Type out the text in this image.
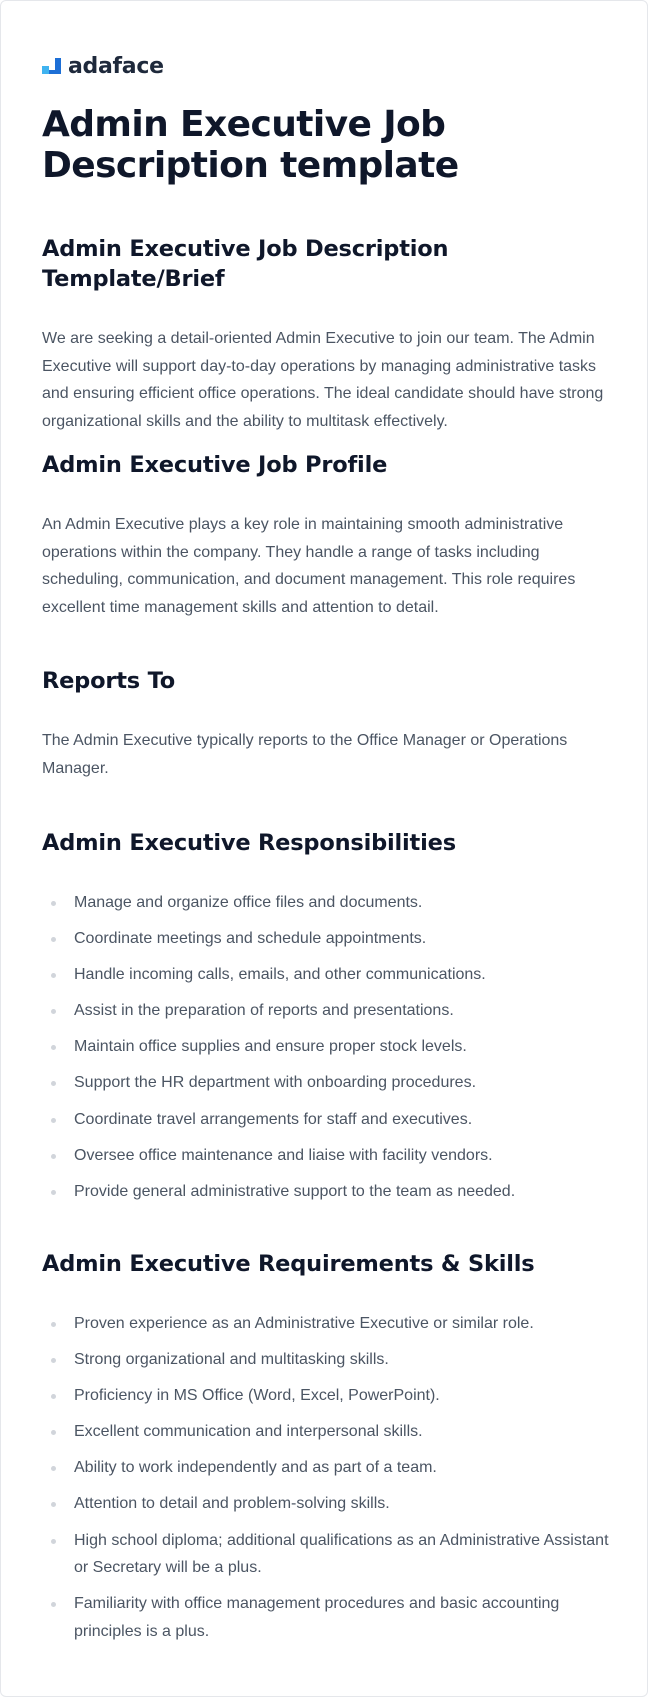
adaface
Admin Executive Job Description template
Admin Executive Job Description Template/Brief

We are seeking a detail-oriented Admin Executive to join our team. The Admin Executive will support day-to-day operations by managing administrative tasks and ensuring efficient office operations. The ideal candidate should have strong organizational skills and the ability to multitask effectively.

Admin Executive Job Profile

An Admin Executive plays a key role in maintaining smooth administrative operations within the company. They handle a range of tasks including scheduling, communication, and document management. This role requires excellent time management skills and attention to detail.

Reports To

The Admin Executive typically reports to the Office Manager or Operations Manager.

Admin Executive Responsibilities
Manage and organize office files and documents.
Coordinate meetings and schedule appointments.
Handle incoming calls, emails, and other communications.
Assist in the preparation of reports and presentations.
Maintain office supplies and ensure proper stock levels.
Support the HR department with onboarding procedures.
Coordinate travel arrangements for staff and executives.
Oversee office maintenance and liaise with facility vendors.
Provide general administrative support to the team as needed.
Admin Executive Requirements & Skills
Proven experience as an Administrative Executive or similar role.
Strong organizational and multitasking skills.
Proficiency in MS Office (Word, Excel, PowerPoint).
Excellent communication and interpersonal skills.
Ability to work independently and as part of a team.
Attention to detail and problem-solving skills.
High school diploma; additional qualifications as an Administrative Assistant or Secretary will be a plus.
Familiarity with office management procedures and basic accounting principles is a plus.
